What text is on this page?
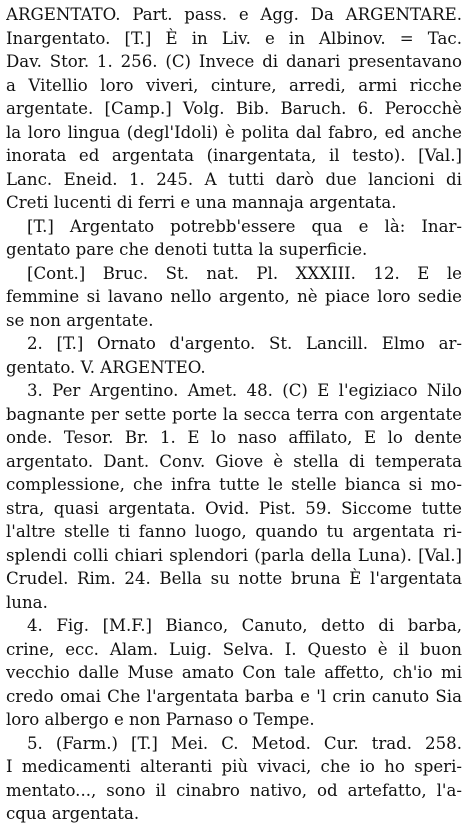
ARGENTATO. Part. pass. e Agg. Da ARGENTARE.
Inargentato. [T.] È in Liv. e in Albinov. = Tac.
Dav. Stor. 1. 256. (C) Invece di danari presentavano
a Vitellio loro viveri, cinture, arredi, armi ricche
argentate. [Camp.] Volg. Bib. Baruch. 6. Perocchè
la loro lingua (degl'Idoli) è polita dal fabro, ed anche
inorata ed argentata (inargentata, il testo). [Val.]
Lanc. Eneid. 1. 245. A tutti darò due lancioni di
Creti lucenti di ferri e una mannaja argentata.
[T.] Argentato potrebb'essere qua e là: Inar-
gentato pare che denoti tutta la superficie.
[Cont.] Bruc. St. nat. Pl. XXXIII. 12. E le
femmine si lavano nello argento, nè piace loro sedie
se non argentate.
2. [T.] Ornato d'argento. St. Lancill. Elmo ar-
gentato. V. ARGENTEO.
3. Per Argentino. Amet. 48. (C) E l'egiziaco Nilo
bagnante per sette porte la secca terra con argentate
onde. Tesor. Br. 1. E lo naso affilato, E lo dente
argentato. Dant. Conv. Giove è stella di temperata
complessione, che infra tutte le stelle bianca si mo-
stra, quasi argentata. Ovid. Pist. 59. Siccome tutte
l'altre stelle ti fanno luogo, quando tu argentata ri-
splendi colli chiari splendori (parla della Luna). [Val.]
Crudel. Rim. 24. Bella su notte bruna È l'argentata
luna.
4. Fig. [M.F.] Bianco, Canuto, detto di barba,
crine, ecc. Alam. Luig. Selva. I. Questo è il buon
vecchio dalle Muse amato Con tale affetto, ch'io mi
credo omai Che l'argentata barba e 'l crin canuto Sia
loro albergo e non Parnaso o Tempe.
5. (Farm.) [T.] Mei. C. Metod. Cur. trad. 258.
I medicamenti alteranti più vivaci, che io ho speri-
mentato..., sono il cinabro nativo, od artefatto, l'a-
cqua argentata.
